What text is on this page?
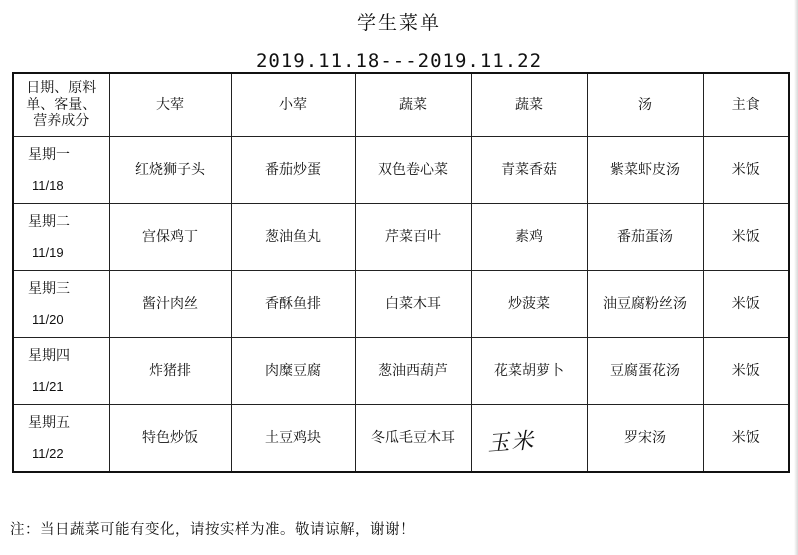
学生菜单
2019.11.18---2019.11.22
日期、原料
单、客量、
营养成分	大荤	小荤	蔬菜	蔬菜	汤	主食

星期一
11/18	红烧狮子头	番茄炒蛋	双色卷心菜	青菜香菇	紫菜虾皮汤	米饭

星期二
11/19	宫保鸡丁	葱油鱼丸	芹菜百叶	素鸡	番茄蛋汤	米饭

星期三
11/20	酱汁肉丝	香酥鱼排	白菜木耳	炒菠菜	油豆腐粉丝汤	米饭

星期四
11/21	炸猪排	肉糜豆腐	葱油西葫芦	花菜胡萝卜	豆腐蛋花汤	米饭

星期五
11/22	特色炒饭	土豆鸡块	冬瓜毛豆木耳	玉米	罗宋汤	米饭
注：当日蔬菜可能有变化，请按实样为准。敬请谅解，谢谢！
